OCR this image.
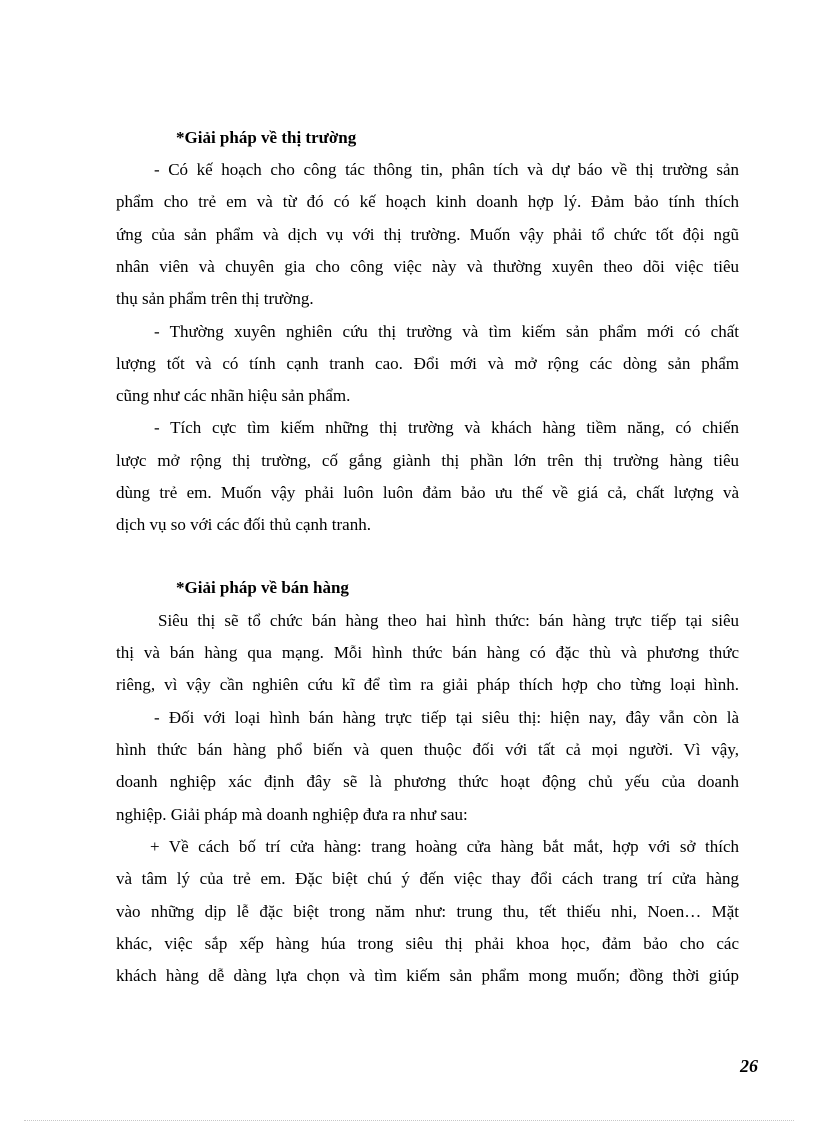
*Giải pháp về thị trường
- Có kế hoạch cho công tác thông tin, phân tích và dự báo về thị trường sản
phẩm cho trẻ em và từ đó có kế hoạch kinh doanh hợp lý. Đảm bảo tính thích
ứng của sản phẩm và dịch vụ với thị trường. Muốn vậy phải tổ chức tốt đội ngũ
nhân viên và chuyên gia cho công việc này và thường xuyên theo dõi việc tiêu
thụ sản phẩm trên thị trường.
- Thường xuyên nghiên cứu thị trường và tìm kiếm sản phẩm mới có chất
lượng tốt và có tính cạnh tranh cao. Đổi mới và mở rộng các dòng sản phẩm
cũng như các nhãn hiệu sản phẩm.
- Tích cực tìm kiếm những thị trường và khách hàng tiềm năng, có chiến
lược mở rộng thị trường, cố gắng giành thị phần lớn trên thị trường hàng tiêu
dùng trẻ em. Muốn vậy phải luôn luôn đảm bảo ưu thế về giá cả, chất lượng và
dịch vụ so với các đối thủ cạnh tranh.
*Giải pháp về bán hàng
Siêu thị sẽ tổ chức bán hàng theo hai hình thức: bán hàng trực tiếp tại siêu
thị và bán hàng qua mạng. Mỗi hình thức bán hàng có đặc thù và phương thức
riêng, vì vậy cần nghiên cứu kĩ để tìm ra giải pháp thích hợp cho từng loại hình.
- Đối với loại hình bán hàng trực tiếp tại siêu thị: hiện nay, đây vẫn còn là
hình thức bán hàng phổ biến và quen thuộc đối với tất cả mọi người. Vì vậy,
doanh nghiệp xác định đây sẽ là phương thức hoạt động chủ yếu của doanh
nghiệp. Giải pháp mà doanh nghiệp đưa ra như sau:
+ Về cách bố trí cửa hàng: trang hoàng cửa hàng bắt mắt, hợp với sở thích
và tâm lý của trẻ em. Đặc biệt chú ý đến việc thay đổi cách trang trí cửa hàng
vào những dịp lễ đặc biệt trong năm như: trung thu, tết thiếu nhi, Noen… Mặt
khác, việc sắp xếp hàng húa trong siêu thị phải khoa học, đảm bảo cho các
khách hàng dễ dàng lựa chọn và tìm kiếm sản phẩm mong muốn; đồng thời giúp
26
